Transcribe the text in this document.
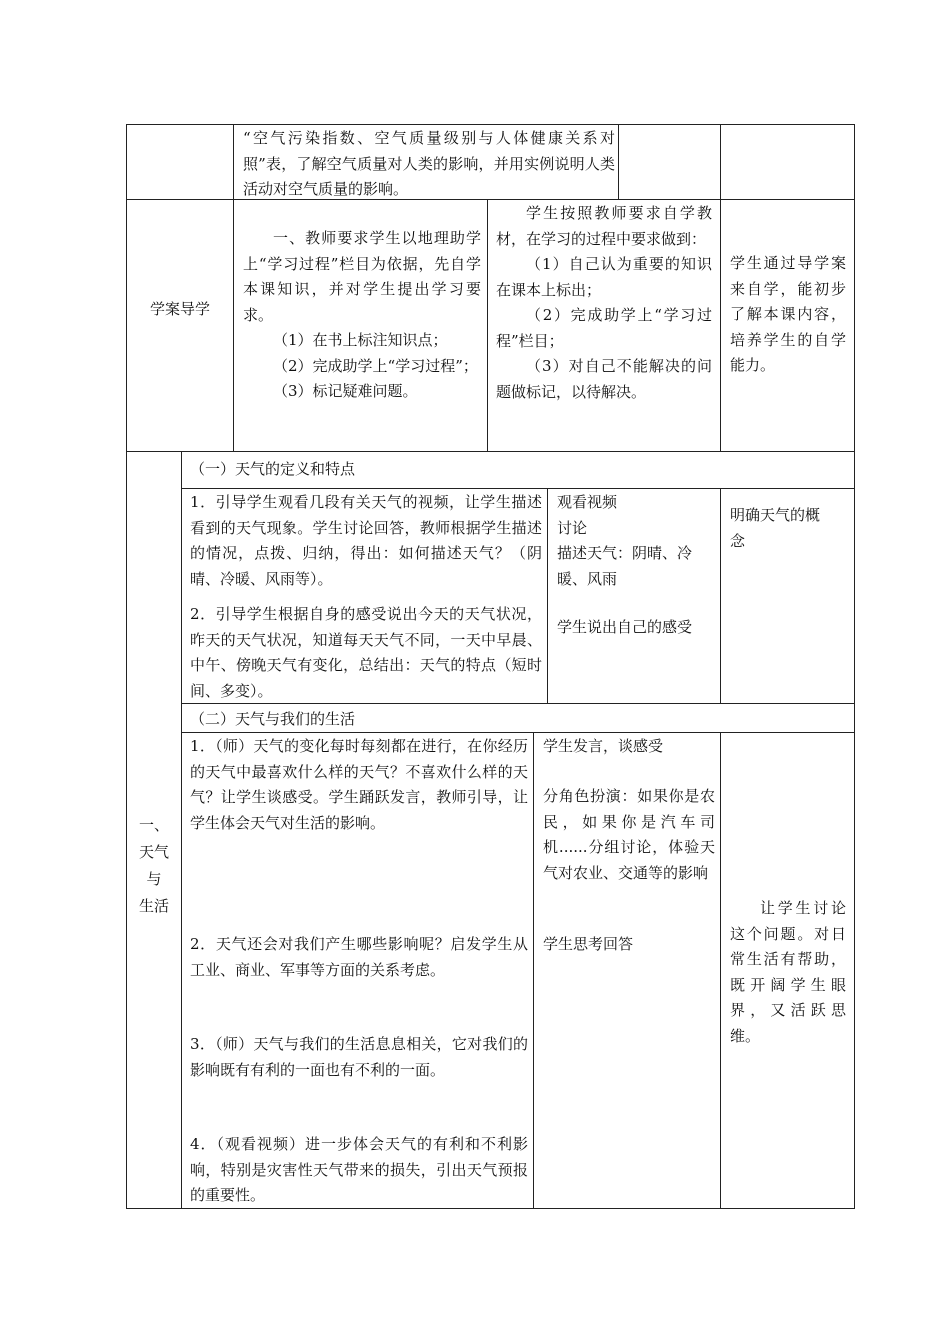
“空气污染指数、空气质量级别与人体健康关系对照”表，了解空气质量对人类的影响，并用实例说明人类活动对空气质量的影响。
学案导学

一、教师要求学生以地理助学上“学习过程”栏目为依据，先自学本课知识，并对学生提出学习要求。

（1）在书上标注知识点；

（2）完成助学上“学习过程”；

（3）标记疑难问题。

学生按照教师要求自学教材，在学习的过程中要求做到：

（1）自己认为重要的知识在课本上标出；

（2）完成助学上“学习过程”栏目；

（3）对自己不能解决的问题做标记，以待解决。

学生通过导学案来自学，能初步了解本课内容，培养学生的自学能力。
一、
天气
与
生活
（一）天气的定义和特点
1．引导学生观看几段有关天气的视频，让学生描述看到的天气现象。学生讨论回答，教师根据学生描述的情况，点拨、归纳，得出：如何描述天气？（阴晴、冷暖、风雨等）。
2．引导学生根据自身的感受说出今天的天气状况，昨天的天气状况，知道每天天气不同，一天中早晨、中午、傍晚天气有变化，总结出：天气的特点（短时间、多变）。
观看视频
讨论
描述天气：阴晴、冷暖、风雨
学生说出自己的感受
明确天气的概念
（二）天气与我们的生活
1．（师）天气的变化每时每刻都在进行，在你经历的天气中最喜欢什么样的天气？不喜欢什么样的天气？让学生谈感受。学生踊跃发言，教师引导，让学生体会天气对生活的影响。
2．天气还会对我们产生哪些影响呢？启发学生从工业、商业、军事等方面的关系考虑。
3．（师）天气与我们的生活息息相关，它对我们的影响既有有利的一面也有不利的一面。
4．（观看视频）进一步体会天气的有利和不利影响，特别是灾害性天气带来的损失，引出天气预报的重要性。
学生发言，谈感受
分角色扮演：如果你是农民，如果你是汽车司机......分组讨论，体验天气对农业、交通等的影响
学生思考回答
让学生讨论这个问题。对日常生活有帮助，既开阔学生眼界，又活跃思维。
